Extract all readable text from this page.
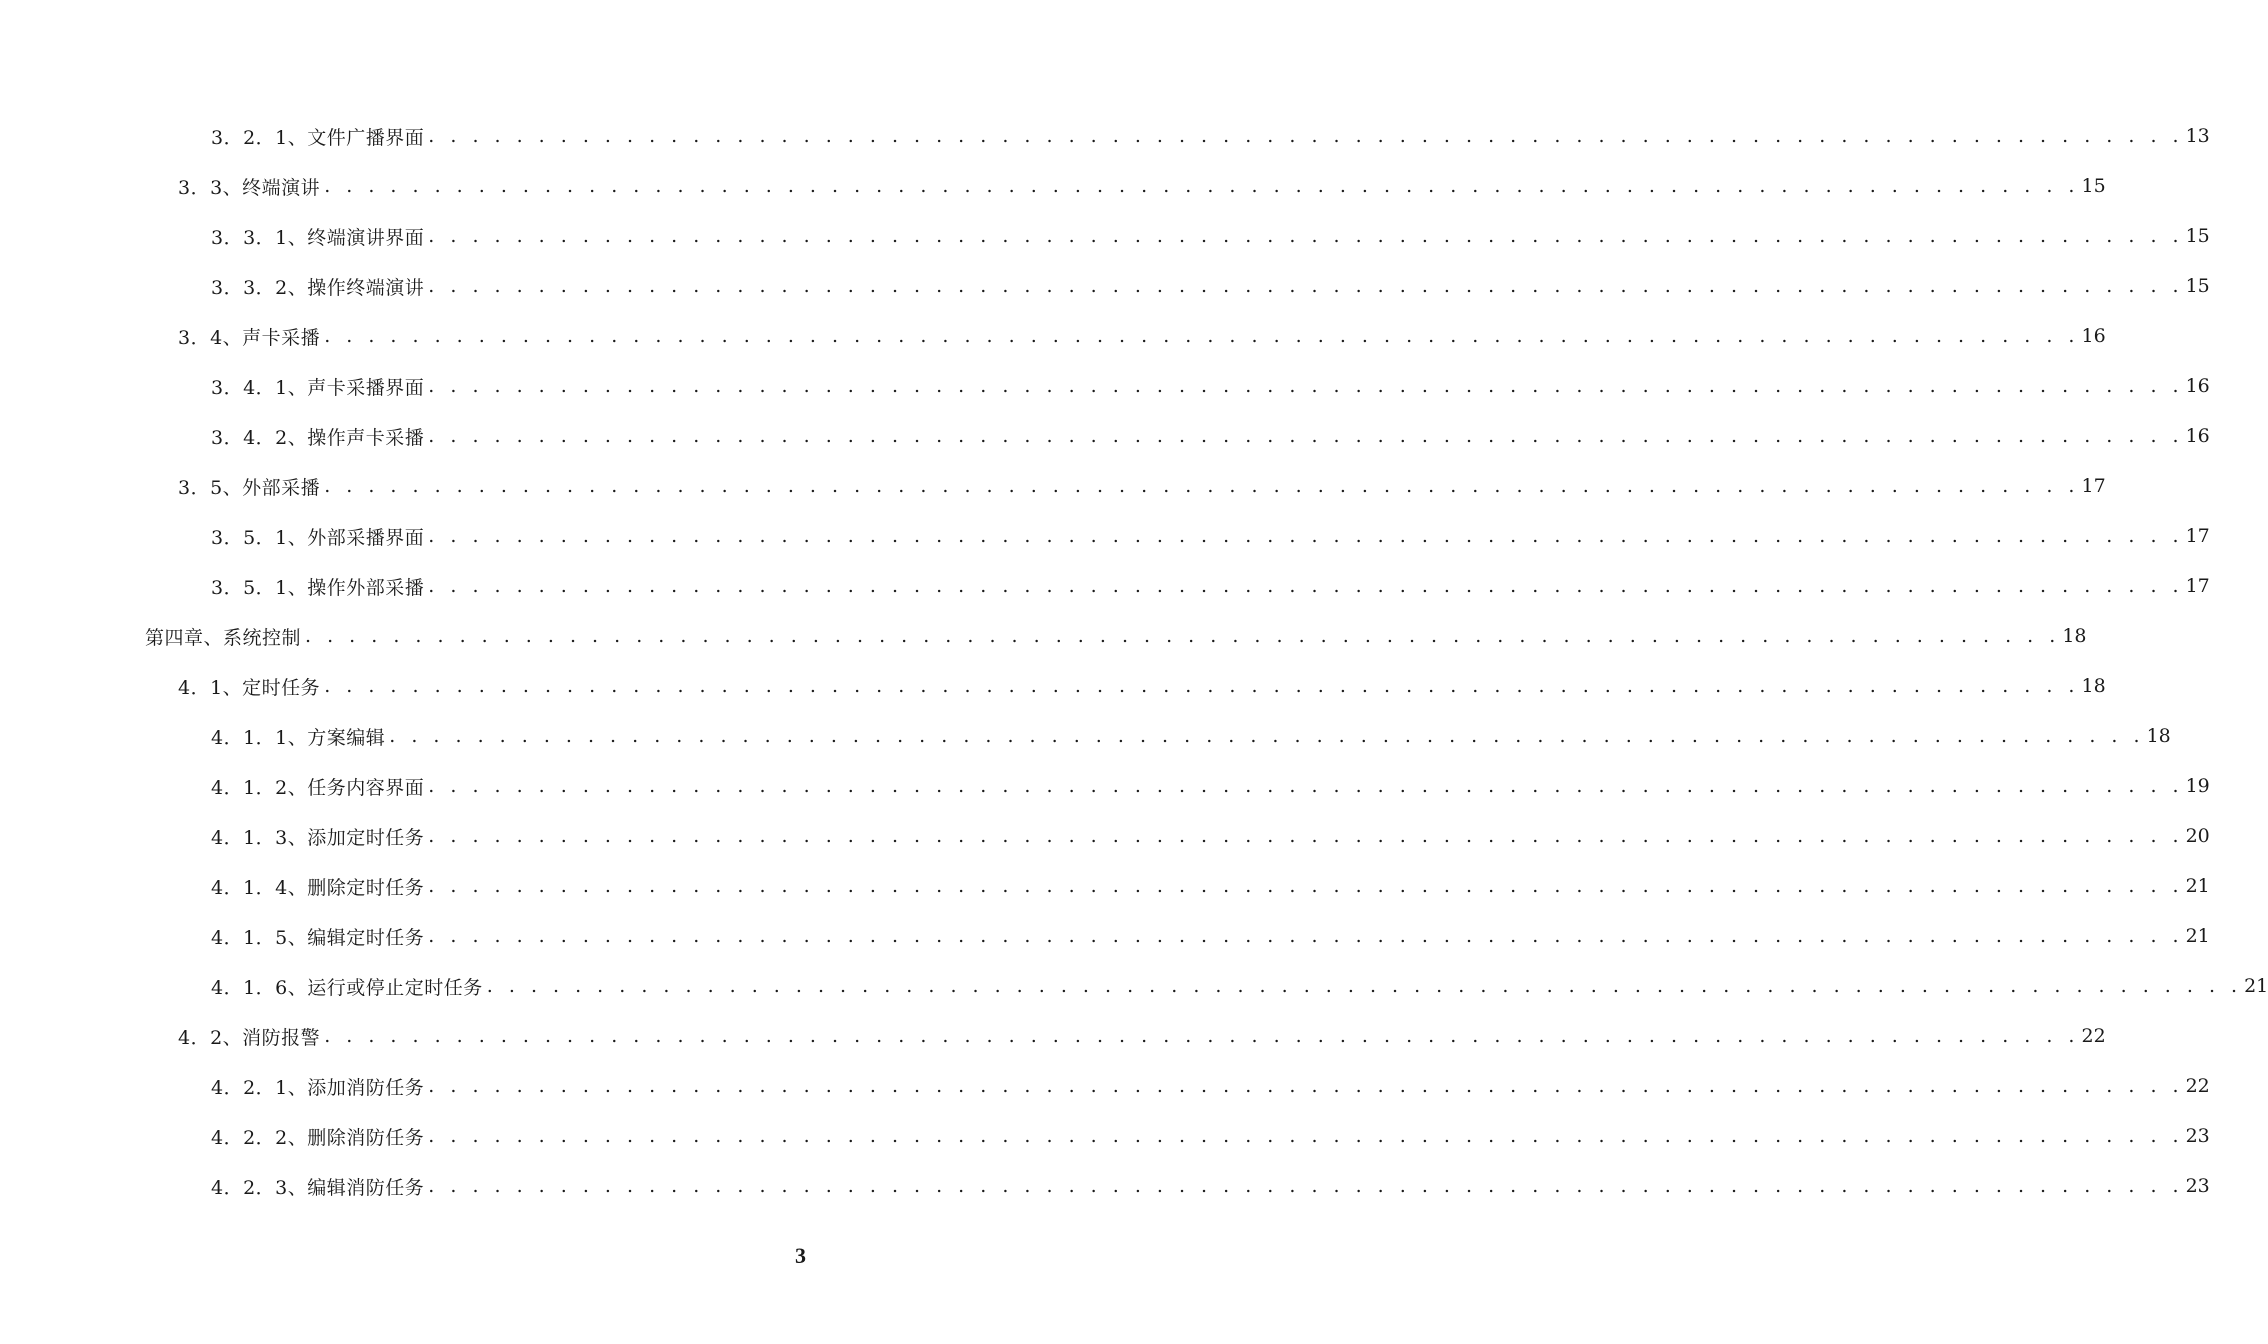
3．2．1、文件广播界面 . . . . . . . . . . . . . . . . . . . . . . . . . . . . . . . . . . . . . . . . . . . . . . . . . . . . . . . . . . . . . . . . . . . . . . . . . . . . . . . . 13
3．3、终端演讲 . . . . . . . . . . . . . . . . . . . . . . . . . . . . . . . . . . . . . . . . . . . . . . . . . . . . . . . . . . . . . . . . . . . . . . . . . . . . . . . . 15
3．3．1、终端演讲界面 . . . . . . . . . . . . . . . . . . . . . . . . . . . . . . . . . . . . . . . . . . . . . . . . . . . . . . . . . . . . . . . . . . . . . . . . . . . . . . . . 15
3．3．2、操作终端演讲 . . . . . . . . . . . . . . . . . . . . . . . . . . . . . . . . . . . . . . . . . . . . . . . . . . . . . . . . . . . . . . . . . . . . . . . . . . . . . . . . 15
3．4、声卡采播 . . . . . . . . . . . . . . . . . . . . . . . . . . . . . . . . . . . . . . . . . . . . . . . . . . . . . . . . . . . . . . . . . . . . . . . . . . . . . . . . 16
3．4．1、声卡采播界面 . . . . . . . . . . . . . . . . . . . . . . . . . . . . . . . . . . . . . . . . . . . . . . . . . . . . . . . . . . . . . . . . . . . . . . . . . . . . . . . . 16
3．4．2、操作声卡采播 . . . . . . . . . . . . . . . . . . . . . . . . . . . . . . . . . . . . . . . . . . . . . . . . . . . . . . . . . . . . . . . . . . . . . . . . . . . . . . . . 16
3．5、外部采播 . . . . . . . . . . . . . . . . . . . . . . . . . . . . . . . . . . . . . . . . . . . . . . . . . . . . . . . . . . . . . . . . . . . . . . . . . . . . . . . . 17
3．5．1、外部采播界面 . . . . . . . . . . . . . . . . . . . . . . . . . . . . . . . . . . . . . . . . . . . . . . . . . . . . . . . . . . . . . . . . . . . . . . . . . . . . . . . . 17
3．5．1、操作外部采播 . . . . . . . . . . . . . . . . . . . . . . . . . . . . . . . . . . . . . . . . . . . . . . . . . . . . . . . . . . . . . . . . . . . . . . . . . . . . . . . . 17
第四章、系统控制 . . . . . . . . . . . . . . . . . . . . . . . . . . . . . . . . . . . . . . . . . . . . . . . . . . . . . . . . . . . . . . . . . . . . . . . . . . . . . . . . 18
4．1、定时任务 . . . . . . . . . . . . . . . . . . . . . . . . . . . . . . . . . . . . . . . . . . . . . . . . . . . . . . . . . . . . . . . . . . . . . . . . . . . . . . . . 18
4．1．1、方案编辑 . . . . . . . . . . . . . . . . . . . . . . . . . . . . . . . . . . . . . . . . . . . . . . . . . . . . . . . . . . . . . . . . . . . . . . . . . . . . . . . . 18
4．1．2、任务内容界面 . . . . . . . . . . . . . . . . . . . . . . . . . . . . . . . . . . . . . . . . . . . . . . . . . . . . . . . . . . . . . . . . . . . . . . . . . . . . . . . . 19
4．1．3、添加定时任务 . . . . . . . . . . . . . . . . . . . . . . . . . . . . . . . . . . . . . . . . . . . . . . . . . . . . . . . . . . . . . . . . . . . . . . . . . . . . . . . . 20
4．1．4、删除定时任务 . . . . . . . . . . . . . . . . . . . . . . . . . . . . . . . . . . . . . . . . . . . . . . . . . . . . . . . . . . . . . . . . . . . . . . . . . . . . . . . . 21
4．1．5、编辑定时任务 . . . . . . . . . . . . . . . . . . . . . . . . . . . . . . . . . . . . . . . . . . . . . . . . . . . . . . . . . . . . . . . . . . . . . . . . . . . . . . . . 21
4．1．6、运行或停止定时任务 . . . . . . . . . . . . . . . . . . . . . . . . . . . . . . . . . . . . . . . . . . . . . . . . . . . . . . . . . . . . . . . . . . . . . . . . . . . . . . . . 21
4．2、消防报警 . . . . . . . . . . . . . . . . . . . . . . . . . . . . . . . . . . . . . . . . . . . . . . . . . . . . . . . . . . . . . . . . . . . . . . . . . . . . . . . . 22
4．2．1、添加消防任务 . . . . . . . . . . . . . . . . . . . . . . . . . . . . . . . . . . . . . . . . . . . . . . . . . . . . . . . . . . . . . . . . . . . . . . . . . . . . . . . . 22
4．2．2、删除消防任务 . . . . . . . . . . . . . . . . . . . . . . . . . . . . . . . . . . . . . . . . . . . . . . . . . . . . . . . . . . . . . . . . . . . . . . . . . . . . . . . . 23
4．2．3、编辑消防任务 . . . . . . . . . . . . . . . . . . . . . . . . . . . . . . . . . . . . . . . . . . . . . . . . . . . . . . . . . . . . . . . . . . . . . . . . . . . . . . . . 23
3
